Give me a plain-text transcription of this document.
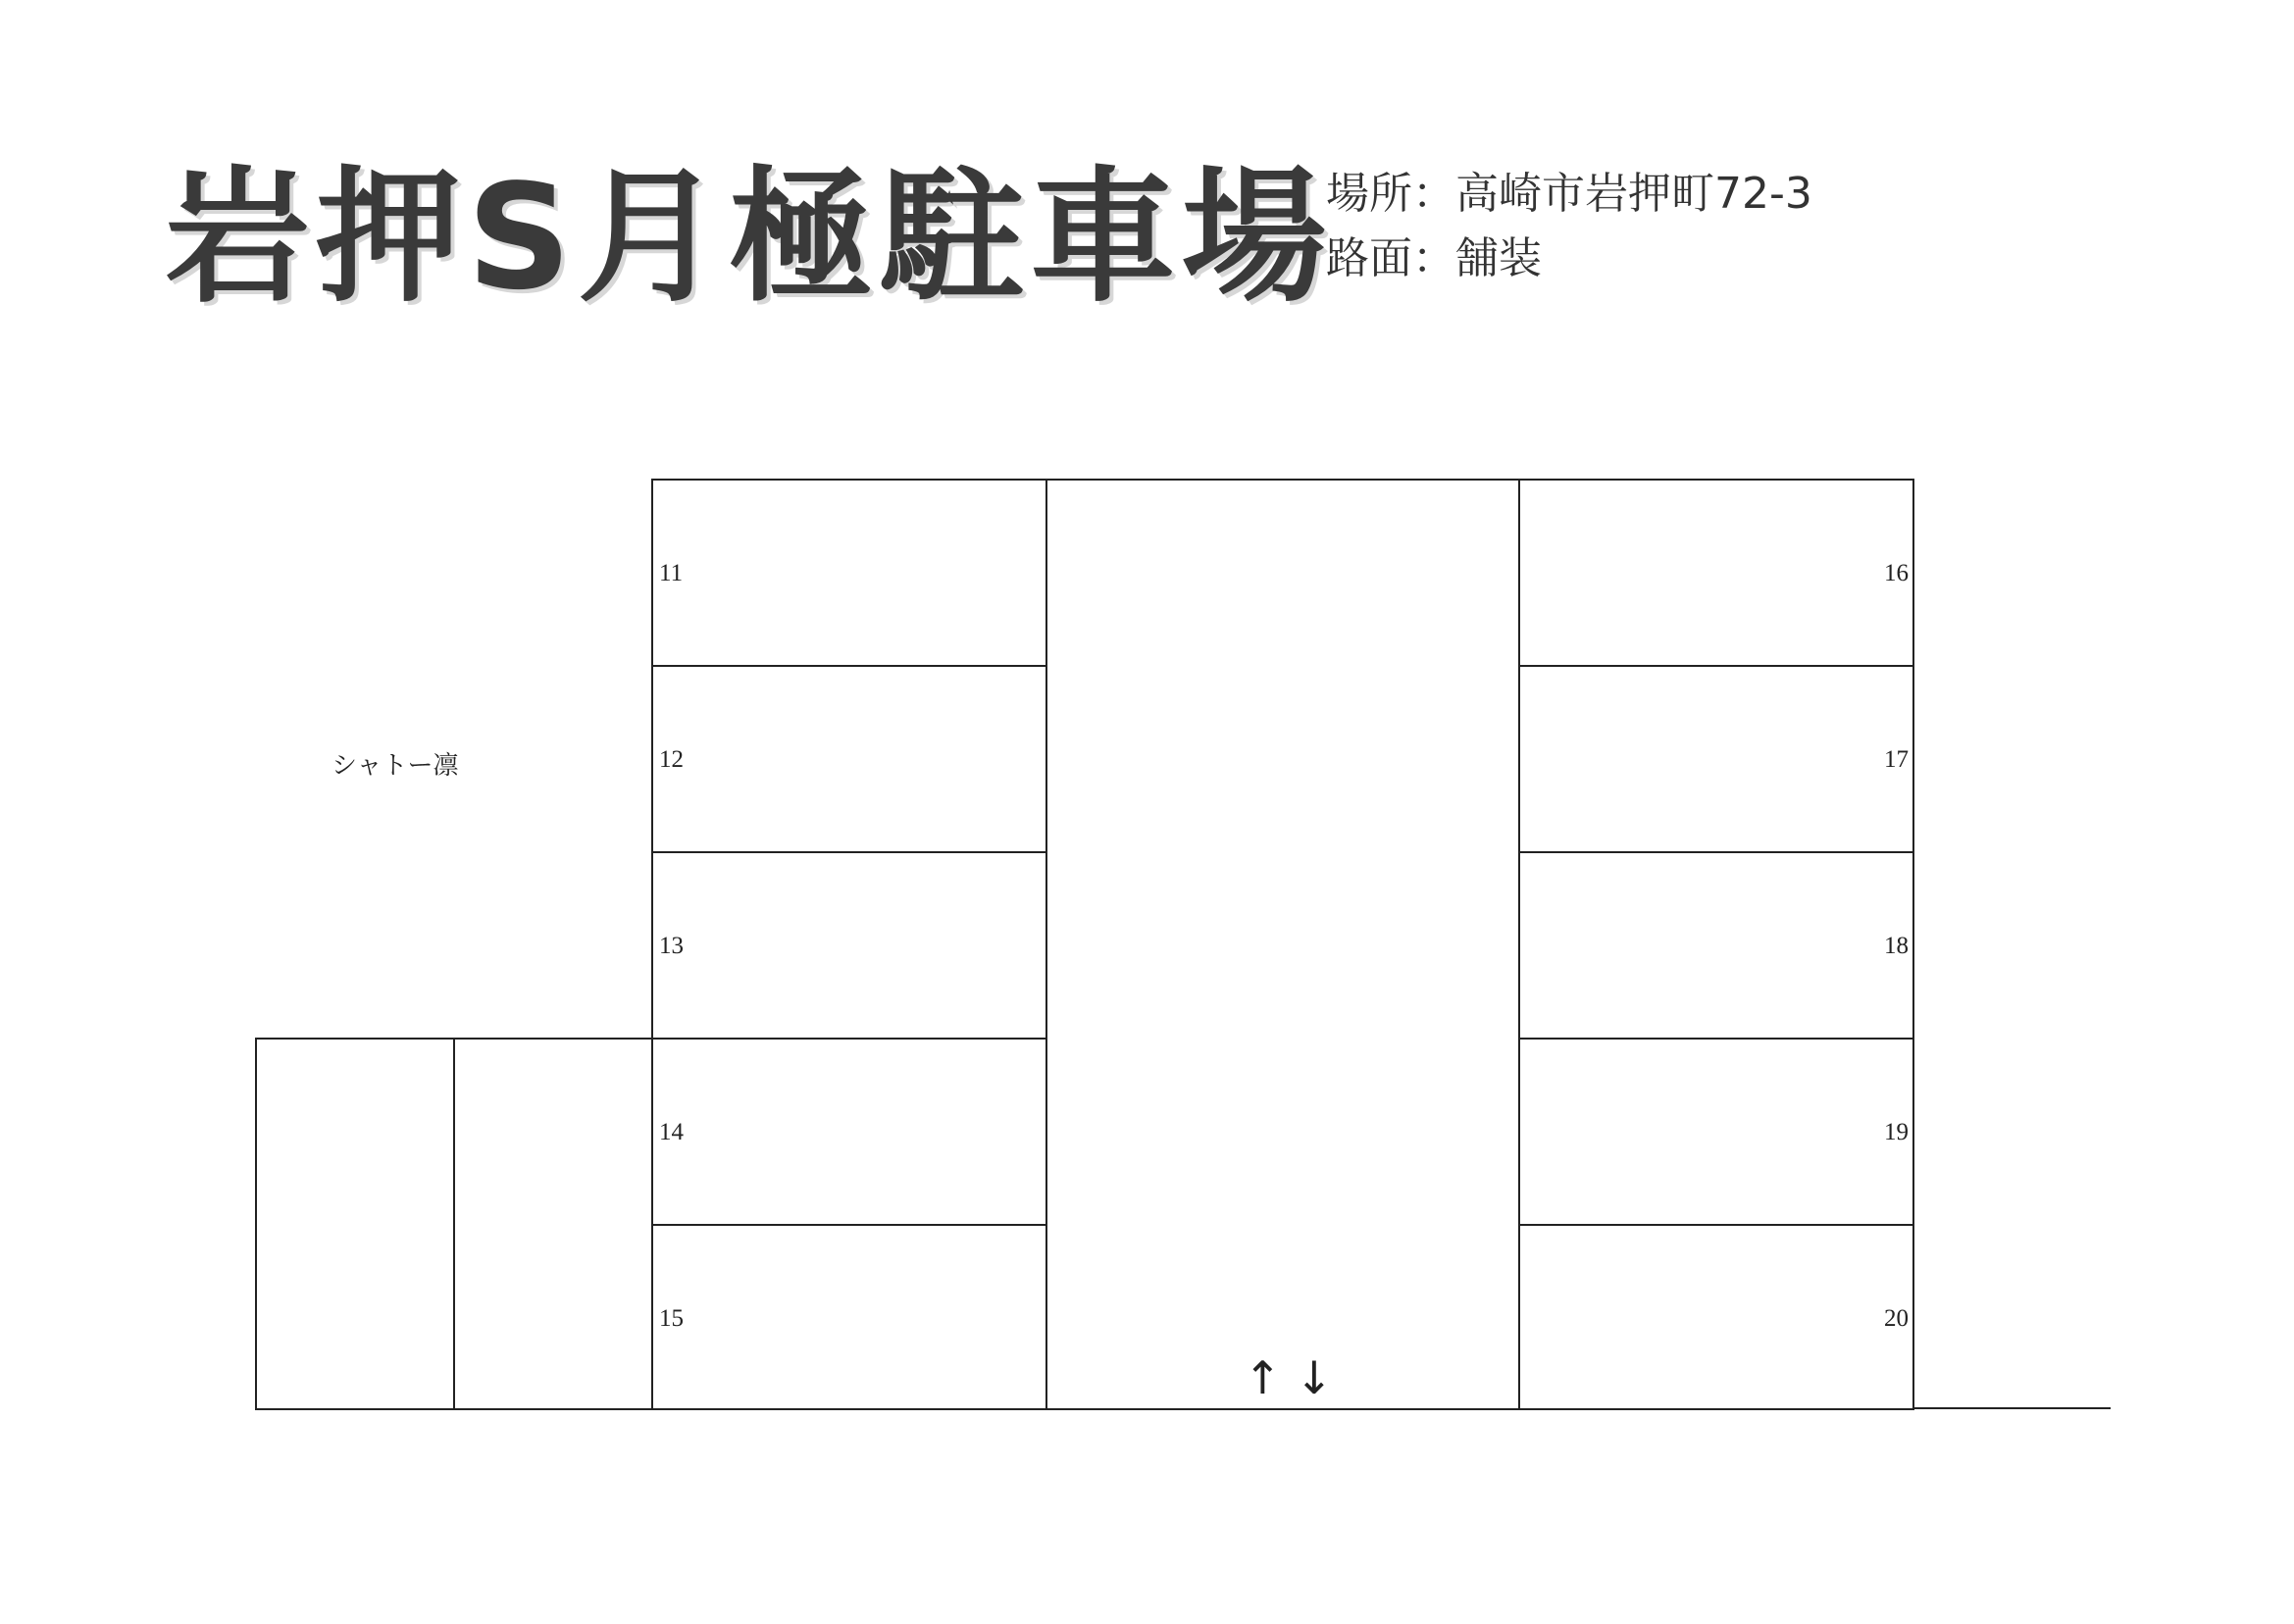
岩押S月極駐車場
場所：高崎市岩押町72-3
路面：舗装
シャトー凛
11
12
13
14
15
↑↓
16
17
18
19
20
